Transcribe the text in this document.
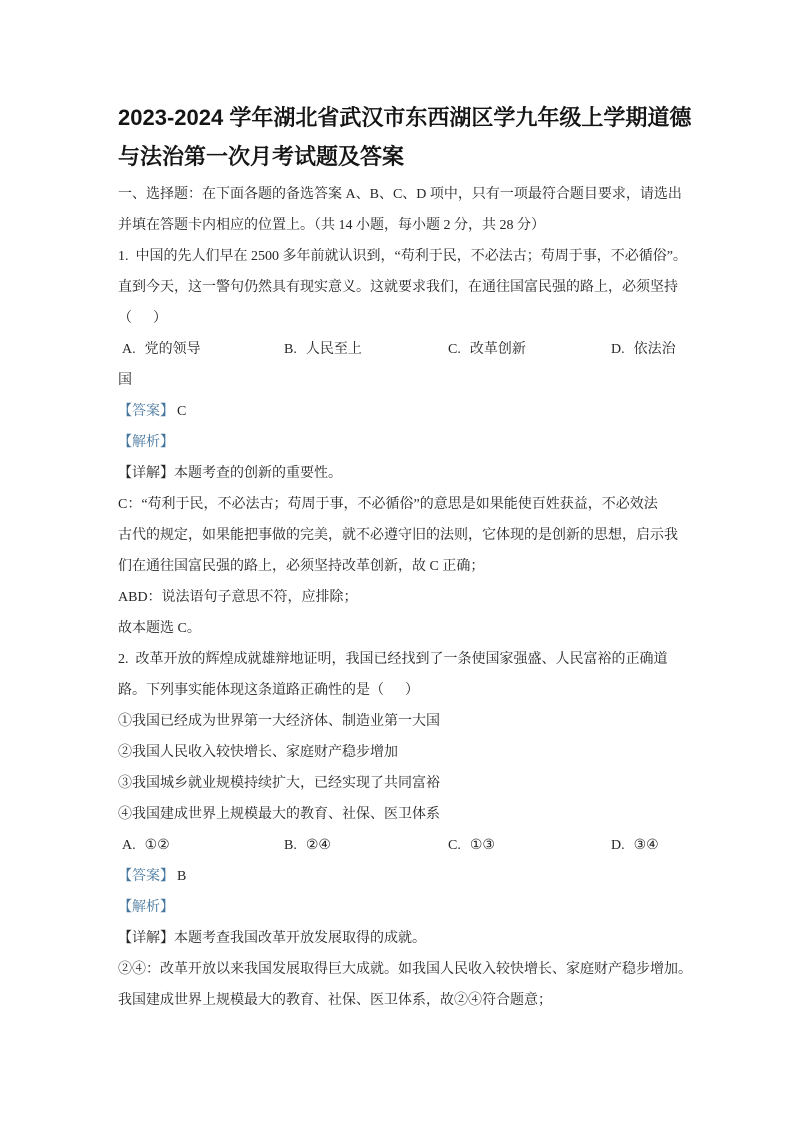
2023-2024 学年湖北省武汉市东西湖区学九年级上学期道德
与法治第一次月考试题及答案
一、选择题：在下面各题的备选答案 A、B、C、D 项中，只有一项最符合题目要求，请选出
并填在答题卡内相应的位置上。（共 14 小题，每小题 2 分，共 28 分）
1.  中国的先人们早在 2500 多年前就认识到，“苟利于民，不必法古；苟周于事，不必循俗”。
直到今天，这一警句仍然具有现实意义。这就要求我们，在通往国富民强的路上，必须坚持
（      ）

A. 党的领导

	B. 人民至上

	C. 改革创新

	D. 依法治

国
【答案】 C
【解析】
【详解】本题考查的创新的重要性。
C：“苟利于民，不必法古；苟周于事，不必循俗”的意思是如果能使百姓获益，不必效法
古代的规定，如果能把事做的完美，就不必遵守旧的法则，它体现的是创新的思想，启示我
们在通往国富民强的路上，必须坚持改革创新，故 C 正确；
ABD：说法语句子意思不符，应排除；
故本题选 C。
2.  改革开放的辉煌成就雄辩地证明，我国已经找到了一条使国家强盛、人民富裕的正确道
路。下列事实能体现这条道路正确性的是（      ）
①我国已经成为世界第一大经济体、制造业第一大国
②我国人民收入较快增长、家庭财产稳步增加
③我国城乡就业规模持续扩大，已经实现了共同富裕
④我国建成世界上规模最大的教育、社保、医卫体系

A. ①②

	B. ②④

	C. ①③

	D. ③④

【答案】 B
【解析】
【详解】本题考查我国改革开放发展取得的成就。
②④：改革开放以来我国发展取得巨大成就。如我国人民收入较快增长、家庭财产稳步增加。
我国建成世界上规模最大的教育、社保、医卫体系，故②④符合题意；
